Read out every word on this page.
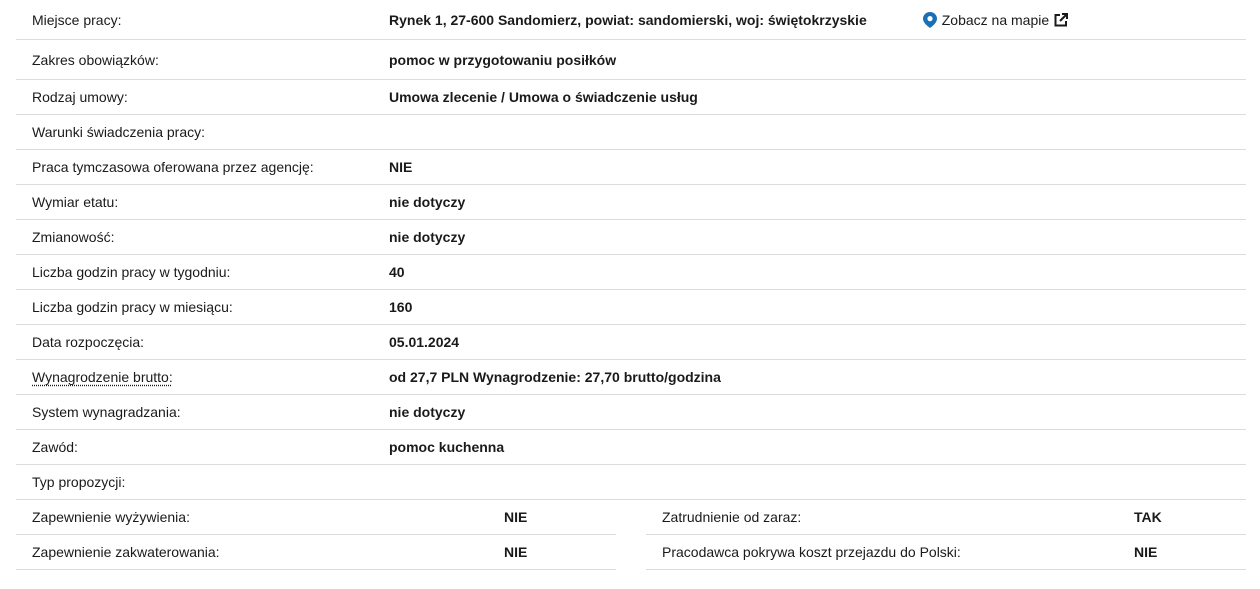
Miejsce pracy:	Rynek 1, 27-600 Sandomierz, powiat: sandomierski, woj: świętokrzyskie	Zobacz na mapie
Zakres obowiązków:	pomoc w przygotowaniu posiłków
Rodzaj umowy:	Umowa zlecenie / Umowa o świadczenie usług
Warunki świadczenia pracy:
Praca tymczasowa oferowana przez agencję:	NIE
Wymiar etatu:	nie dotyczy
Zmianowość:	nie dotyczy
Liczba godzin pracy w tygodniu:	40
Liczba godzin pracy w miesiącu:	160
Data rozpoczęcia:	05.01.2024
Wynagrodzenie brutto:	od 27,7 PLN Wynagrodzenie: 27,70 brutto/godzina
System wynagradzania:	nie dotyczy
Zawód:	pomoc kuchenna
Typ propozycji:
Zapewnienie wyżywienia:	NIE
Zapewnienie zakwaterowania:	NIE
Zatrudnienie od zaraz:	TAK
Pracodawca pokrywa koszt przejazdu do Polski:	NIE
